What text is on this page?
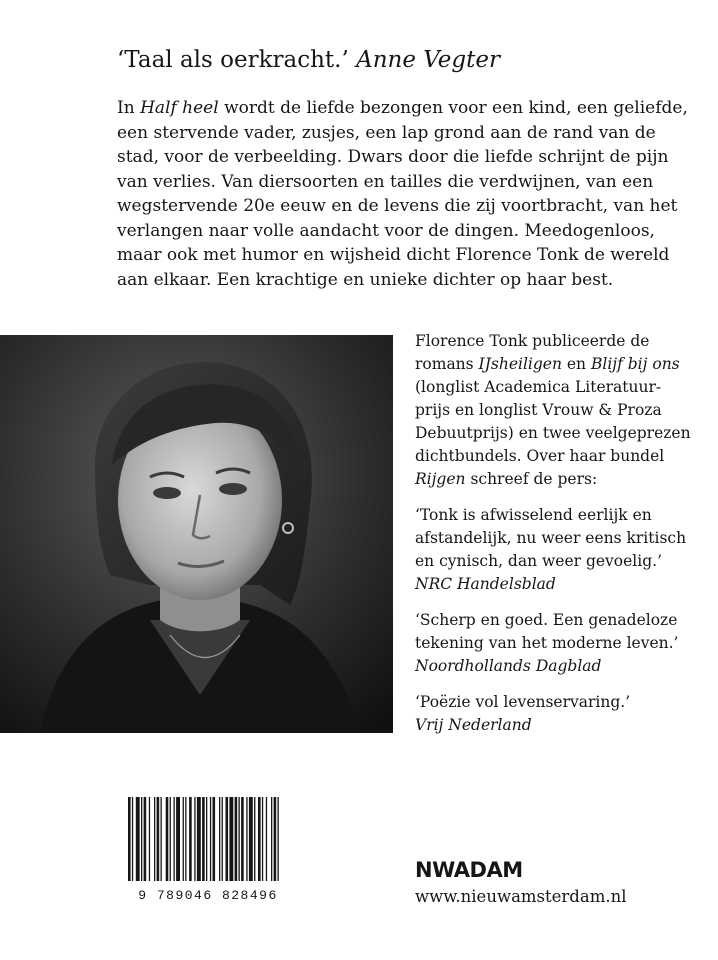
‘Taal als oerkracht.’ Anne Vegter
In Half heel wordt de liefde bezongen voor een kind, een geliefde,
een stervende vader, zusjes, een lap grond aan de rand van de
stad, voor de verbeelding. Dwars door die liefde schrijnt de pijn
van verlies. Van diersoorten en tailles die verdwijnen, van een
wegstervende 20e eeuw en de levens die zij voortbracht, van het
verlangen naar volle aandacht voor de dingen. Meedogenloos,
maar ook met humor en wijsheid dicht Florence Tonk de wereld
aan elkaar. Een krachtige en unieke dichter op haar best.
Florence Tonk publiceerde de
romans IJsheiligen en Blijf bij ons
(longlist Academica Literatuur-
prijs en longlist Vrouw & Proza
Debuutprijs) en twee veelgeprezen
dichtbundels. Over haar bundel
Rijgen schreef de pers:
‘Tonk is afwisselend eerlijk en
afstandelijk, nu weer eens kritisch
en cynisch, dan weer gevoelig.’
NRC Handelsblad
‘Scherp en goed. Een genadeloze
tekening van het moderne leven.’
Noordhollands Dagblad
‘Poëzie vol levenservaring.’
Vrij Nederland
9 789046 828496
NWADAM
www.nieuwamsterdam.nl
